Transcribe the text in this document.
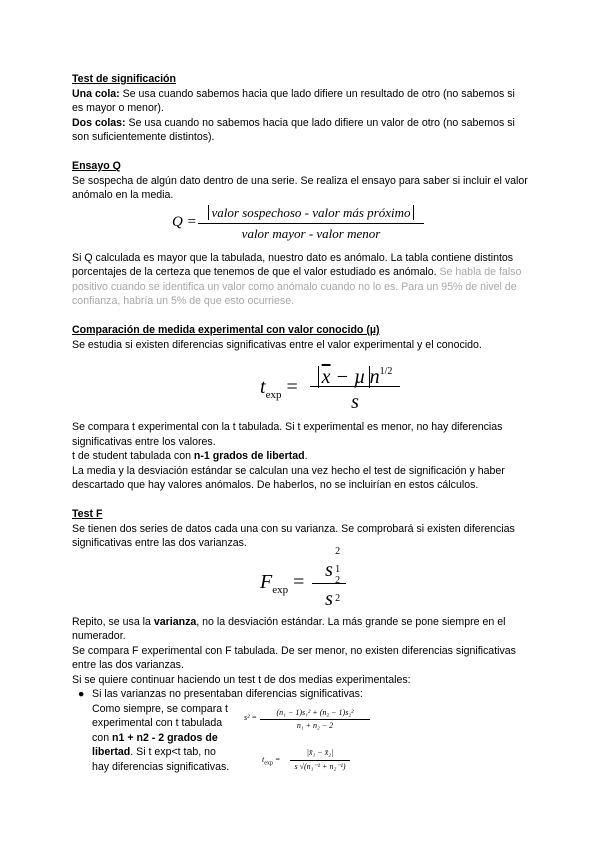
Test de significación
Una cola: Se usa cuando sabemos hacia que lado difiere un resultado de otro (no sabemos si es mayor o menor).
Dos colas: Se usa cuando no sabemos hacia que lado difiere un valor de otro (no sabemos si son suficientemente distintos).
Ensayo Q
Se sospecha de algún dato dentro de una serie. Se realiza el ensayo para saber si incluir el valor anómalo en la media.
Q =
valor sospechoso - valor más próximo
valor mayor - valor menor
Si Q calculada es mayor que la tabulada, nuestro dato es anómalo. La tabla contiene distintos porcentajes de la certeza que tenemos de que el valor estudiado es anómalo. Se habla de falso positivo cuando se identifica un valor como anómalo cuando no lo es. Para un 95% de nivel de confianza, habría un 5% de que esto ocurriese.
Comparación de medida experimental con valor conocido (µ)
Se estudia si existen diferencias significativas entre el valor experimental y el conocido.
$t_{exp}$ =	$\overline{x} - \mu$ $n^{1/2}$
s
Se compara t experimental con la t tabulada. Si t experimental es menor, no hay diferencias significativas entre los valores.
t de student tabulada con n-1 grados de libertad.
La media y la desviación estándar se calculan una vez hecho el test de significación y haber descartado que hay valores anómalos. De haberlos, no se incluirían en estos cálculos.
Test F
Se tienen dos series de datos cada una con su varianza. Se comprobará si existen diferencias significativas entre las dos varianzas.
$F_{exp}$ =
s
2
1
s
2
2
Repito, se usa la varianza, no la desviación estándar. La más grande se pone siempre en el numerador.
Se compara F experimental con F tabulada. De ser menor, no existen diferencias significativas entre las dos varianzas.
Si se quiere continuar haciendo un test t de dos medias experimentales:
● Si las varianzas no presentaban diferencias significativas:
Como siempre, se compara t experimental con t tabulada con n1 + n2 - 2 grados de libertad. Si t exp<t tab, no hay diferencias significativas.
s² =
(n₁ − 1)s₁² + (n₂ − 1)s₂²
n₁ + n₂ − 2
$t_{exp}$ =
|x̄₁ − x̄₂|
s √(n₁⁻¹ + n₂⁻¹)
